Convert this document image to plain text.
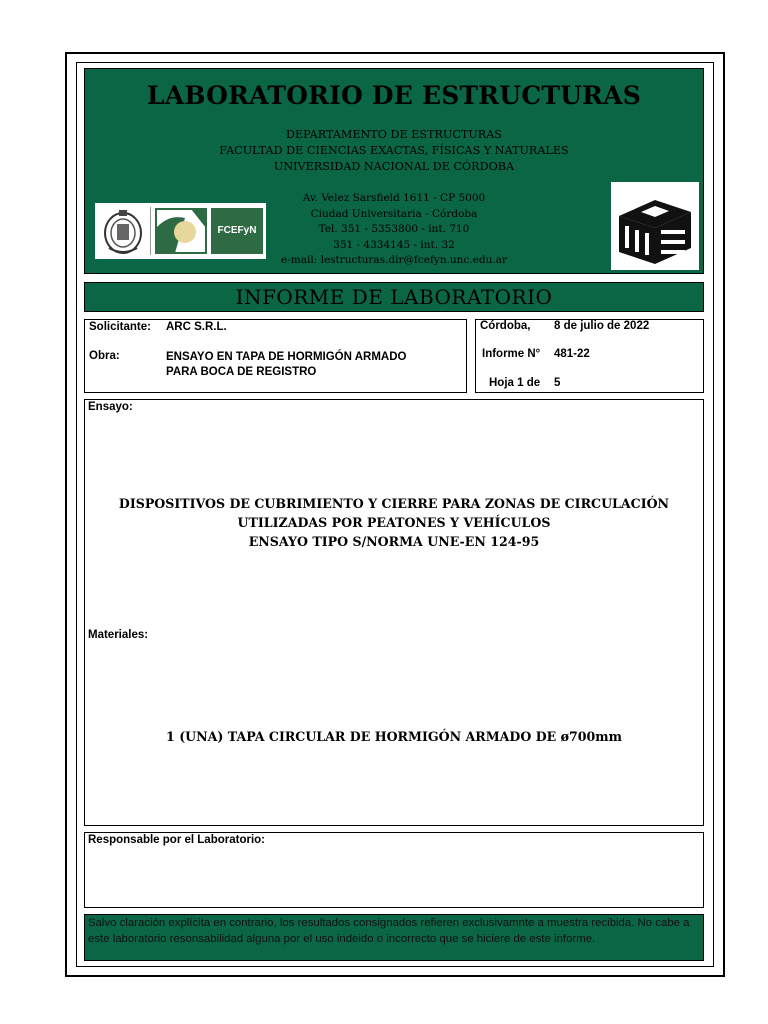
LABORATORIO DE ESTRUCTURAS
DEPARTAMENTO DE ESTRUCTURAS
FACULTAD DE CIENCIAS EXACTAS, FÍSICAS Y NATURALES
UNIVERSIDAD NACIONAL DE CÓRDOBA
Av. Velez Sarsfield 1611 - CP 5000
Ciudad Universitaria - Córdoba
Tel. 351 - 5353800 - int. 710
351 - 4334145 - int. 32
e-mail: lestructuras.dir@fcefyn.unc.edu.ar
FCEFyN
INFORME DE LABORATORIO
Solicitante: ARC S.R.L.
Obra:	ENSAYO EN TAPA DE HORMIGÓN ARMADO
PARA BOCA DE REGISTRO
Córdoba, 8 de julio de 2022
Informe N° 481-22
Hoja 1 de 5
Ensayo:
DISPOSITIVOS DE CUBRIMIENTO Y CIERRE PARA ZONAS DE CIRCULACIÓN
UTILIZADAS POR PEATONES Y VEHÍCULOS
ENSAYO TIPO S/NORMA UNE-EN 124-95
Materiales:
1 (UNA) TAPA CIRCULAR DE HORMIGÓN ARMADO DE ø700mm
Responsable por el Laboratorio:
Salvo claración explícita en contrario, los resultados consignados refieren exclusivamnte a muestra recibida. No cabe a este laboratorio resonsabilidad alguna por el uso indeido o incorrecto que se hiciere de este informe.
